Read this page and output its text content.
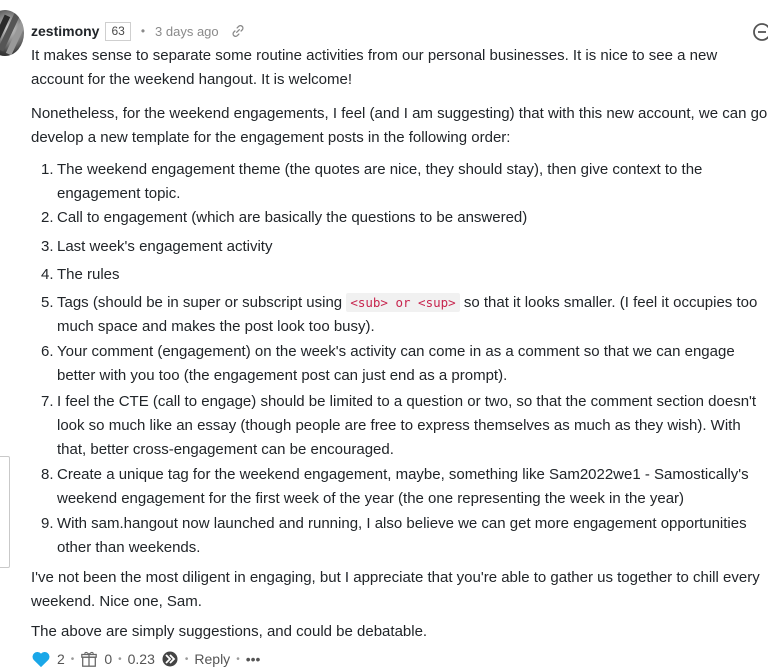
zestimony	63	• 3 days ago

It makes sense to separate some routine activities from our personal businesses. It is nice to see a new account for the weekend hangout. It is welcome!

Nonetheless, for the weekend engagements, I feel (and I am suggesting) that with this new account, we can go develop a new template for the engagement posts in the following order:

1. The weekend engagement theme (the quotes are nice, they should stay), then give context to the engagement topic.
2. Call to engagement (which are basically the questions to be answered)
3. Last week's engagement activity
4. The rules
5. Tags (should be in super or subscript using <sub> or <sup> so that it looks smaller. (I feel it occupies too much space and makes the post look too busy).
6. Your comment (engagement) on the week's activity can come in as a comment so that we can engage better with you too (the engagement post can just end as a prompt).
7. I feel the CTE (call to engage) should be limited to a question or two, so that the comment section doesn't look so much like an essay (though people are free to express themselves as much as they wish). With that, better cross-engagement can be encouraged.
8. Create a unique tag for the weekend engagement, maybe, something like Sam2022we1 - Samostically's weekend engagement for the first week of the year (the one representing the week in the year)
9. With sam.hangout now launched and running, I also believe we can get more engagement opportunities other than weekends.

I've not been the most diligent in engaging, but I appreciate that you're able to gather us together to chill every weekend. Nice one, Sam.

The above are simply suggestions, and could be debatable.

2 • 0 • 0.23	• Reply • •••
